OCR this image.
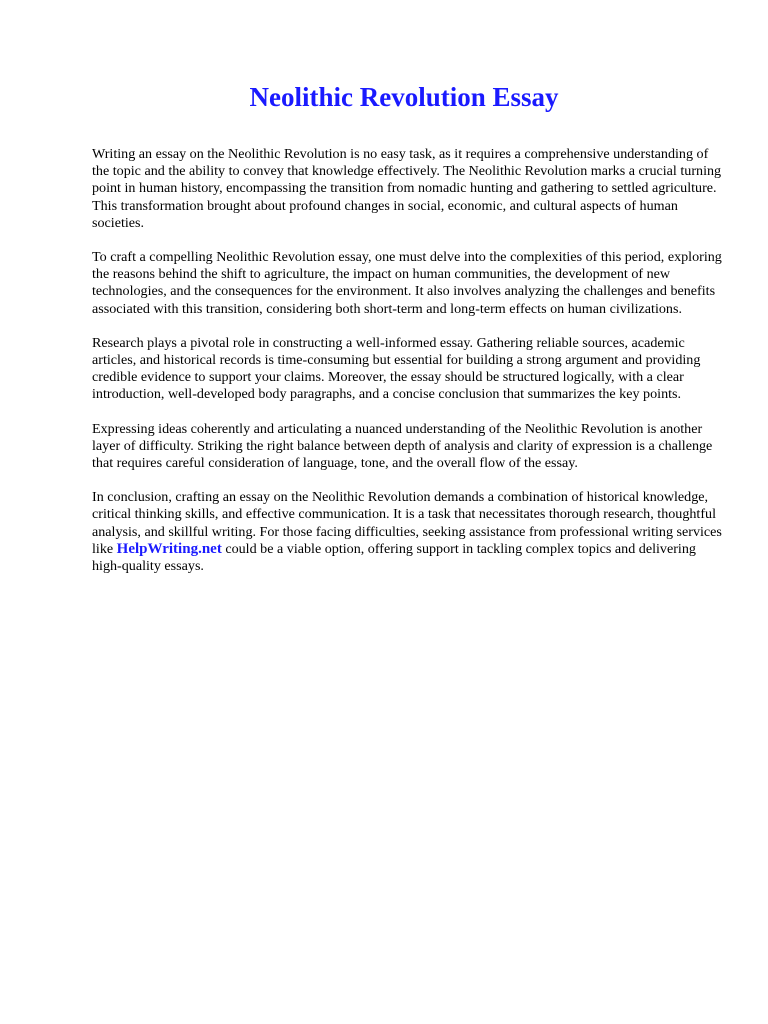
Neolithic Revolution Essay

Writing an essay on the Neolithic Revolution is no easy task, as it requires a comprehensive understanding of the topic and the ability to convey that knowledge effectively. The Neolithic Revolution marks a crucial turning point in human history, encompassing the transition from nomadic hunting and gathering to settled agriculture. This transformation brought about profound changes in social, economic, and cultural aspects of human societies.

To craft a compelling Neolithic Revolution essay, one must delve into the complexities of this period, exploring the reasons behind the shift to agriculture, the impact on human communities, the development of new technologies, and the consequences for the environment. It also involves analyzing the challenges and benefits associated with this transition, considering both short-term and long-term effects on human civilizations.

Research plays a pivotal role in constructing a well-informed essay. Gathering reliable sources, academic articles, and historical records is time-consuming but essential for building a strong argument and providing credible evidence to support your claims. Moreover, the essay should be structured logically, with a clear introduction, well-developed body paragraphs, and a concise conclusion that summarizes the key points.

Expressing ideas coherently and articulating a nuanced understanding of the Neolithic Revolution is another layer of difficulty. Striking the right balance between depth of analysis and clarity of expression is a challenge that requires careful consideration of language, tone, and the overall flow of the essay.

In conclusion, crafting an essay on the Neolithic Revolution demands a combination of historical knowledge, critical thinking skills, and effective communication. It is a task that necessitates thorough research, thoughtful analysis, and skillful writing. For those facing difficulties, seeking assistance from professional writing services like HelpWriting.net could be a viable option, offering support in tackling complex topics and delivering high-quality essays.
